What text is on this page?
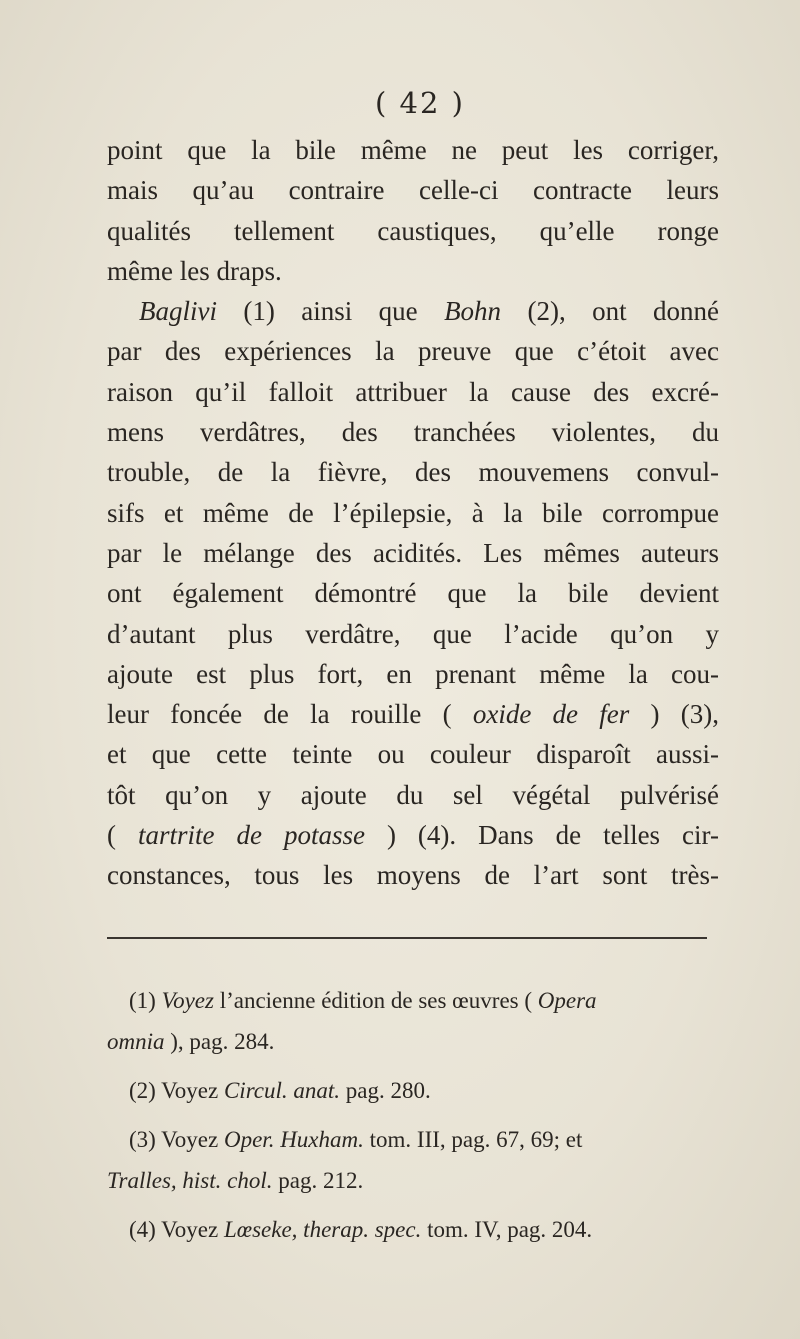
( 42 )
point que la bile même ne peut les corriger,
mais qu’au contraire celle-ci contracte leurs
qualités tellement caustiques, qu’elle ronge
même les draps.
Baglivi (1) ainsi que Bohn (2), ont donné
par des expériences la preuve que c’étoit avec
raison qu’il falloit attribuer la cause des excré-
mens verdâtres, des tranchées violentes, du
trouble, de la fièvre, des mouvemens convul-
sifs et même de l’épilepsie, à la bile corrompue
par le mélange des acidités. Les mêmes auteurs
ont également démontré que la bile devient
d’autant plus verdâtre, que l’acide qu’on y
ajoute est plus fort, en prenant même la cou-
leur foncée de la rouille ( oxide de fer ) (3),
et que cette teinte ou couleur disparoît aussi-
tôt qu’on y ajoute du sel végétal pulvérisé
( tartrite de potasse ) (4). Dans de telles cir-
constances, tous les moyens de l’art sont très-
(1) Voyez l’ancienne édition de ses œuvres ( Opera
omnia ), pag. 284.
(2) Voyez Circul. anat. pag. 280.
(3) Voyez Oper. Huxham. tom. III, pag. 67, 69; et
Tralles, hist. chol. pag. 212.
(4) Voyez Lœseke, therap. spec. tom. IV, pag. 204.
